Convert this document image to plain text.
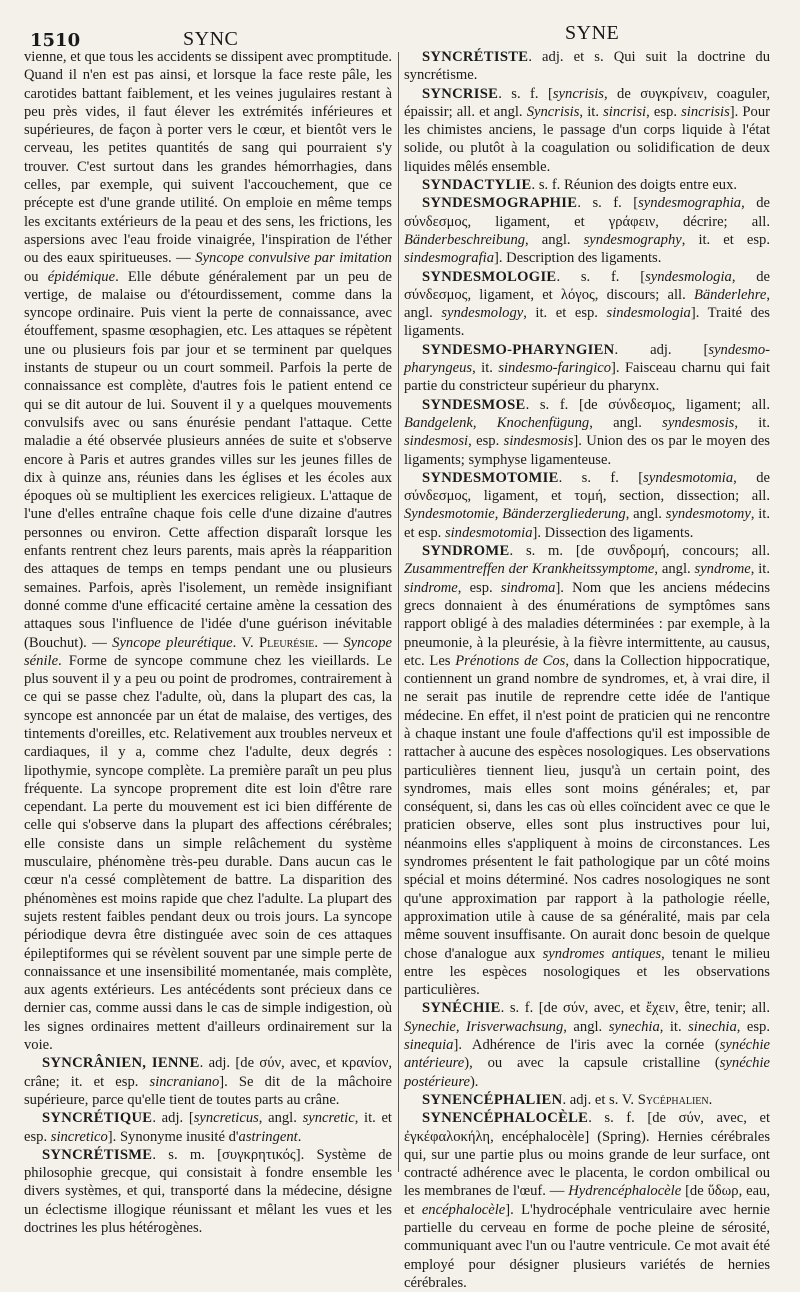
1510	SYNC	SYNE

vienne, et que tous les accidents se dissipent avec promptitude. Quand il n'en est pas ainsi, et lorsque la face reste pâle, les carotides battant faiblement, et les veines jugulaires restant à peu près vides, il faut élever les extrémités inférieures et supérieures, de façon à porter vers le cœur, et bientôt vers le cerveau, les petites quantités de sang qui pourraient s'y trouver. C'est surtout dans les grandes hémorrhagies, dans celles, par exemple, qui suivent l'accouchement, que ce précepte est d'une grande utilité. On emploie en même temps les excitants extérieurs de la peau et des sens, les frictions, les aspersions avec l'eau froide vinaigrée, l'inspiration de l'éther ou des eaux spiritueuses. — Syncope convulsive par imitation ou épidémique. Elle débute généralement par un peu de vertige, de malaise ou d'étourdissement, comme dans la syncope ordinaire. Puis vient la perte de connaissance, avec étouffement, spasme œsophagien, etc. Les attaques se répètent une ou plusieurs fois par jour et se terminent par quelques instants de stupeur ou un court sommeil. Parfois la perte de connaissance est complète, d'autres fois le patient entend ce qui se dit autour de lui. Souvent il y a quelques mouvements convulsifs avec ou sans énurésie pendant l'attaque. Cette maladie a été observée plusieurs années de suite et s'observe encore à Paris et autres grandes villes sur les jeunes filles de dix à quinze ans, réunies dans les églises et les écoles aux époques où se multiplient les exercices religieux. L'attaque de l'une d'elles entraîne chaque fois celle d'une dizaine d'autres personnes ou environ. Cette affection disparaît lorsque les enfants rentrent chez leurs parents, mais après la réapparition des attaques de temps en temps pendant une ou plusieurs semaines. Parfois, après l'isolement, un remède insignifiant donné comme d'une efficacité certaine amène la cessation des attaques sous l'influence de l'idée d'une guérison inévitable (Bouchut). — Syncope pleurétique. V. Pleurésie. — Syncope sénile. Forme de syncope commune chez les vieillards. Le plus souvent il y a peu ou point de prodromes, contrairement à ce qui se passe chez l'adulte, où, dans la plupart des cas, la syncope est annoncée par un état de malaise, des vertiges, des tintements d'oreilles, etc. Relativement aux troubles nerveux et cardiaques, il y a, comme chez l'adulte, deux degrés : lipothymie, syncope complète. La première paraît un peu plus fréquente. La syncope proprement dite est loin d'être rare cependant. La perte du mouvement est ici bien différente de celle qui s'observe dans la plupart des affections cérébrales; elle consiste dans un simple relâchement du système musculaire, phénomène très-peu durable. Dans aucun cas le cœur n'a cessé complètement de battre. La disparition des phénomènes est moins rapide que chez l'adulte. La plupart des sujets restent faibles pendant deux ou trois jours. La syncope périodique devra être distinguée avec soin de ces attaques épileptiformes qui se révèlent souvent par une simple perte de connaissance et une insensibilité momentanée, mais complète, aux agents extérieurs. Les antécédents sont précieux dans ce dernier cas, comme aussi dans le cas de simple indigestion, où les signes ordinaires mettent d'ailleurs ordinairement sur la voie.

SYNCRÂNIEN, IENNE. adj. [de σύν, avec, et κρανίον, crâne; it. et esp. sincraniano]. Se dit de la mâchoire supérieure, parce qu'elle tient de toutes parts au crâne.

SYNCRÉTIQUE. adj. [syncreticus, angl. syncretic, it. et esp. sincretico]. Synonyme inusité d'astringent.

SYNCRÉTISME. s. m. [συγκρητικός]. Système de philosophie grecque, qui consistait à fondre ensemble les divers systèmes, et qui, transporté dans la médecine, désigne un éclectisme illogique réunissant et mêlant les vues et les doctrines les plus hétérogènes.

SYNCRÉTISTE. adj. et s. Qui suit la doctrine du syncrétisme.

SYNCRISE. s. f. [syncrisis, de συγκρίνειν, coaguler, épaissir; all. et angl. Syncrisis, it. sincrisi, esp. sincrisis]. Pour les chimistes anciens, le passage d'un corps liquide à l'état solide, ou plutôt à la coagulation ou solidification de deux liquides mêlés ensemble.

SYNDACTYLIE. s. f. Réunion des doigts entre eux.

SYNDESMOGRAPHIE. s. f. [syndesmographia, de σύνδεσμος, ligament, et γράφειν, décrire; all. Bänderbeschreibung, angl. syndesmography, it. et esp. sindesmografia]. Description des ligaments.

SYNDESMOLOGIE. s. f. [syndesmologia, de σύνδεσμος, ligament, et λόγος, discours; all. Bänderlehre, angl. syndesmology, it. et esp. sindesmologia]. Traité des ligaments.

SYNDESMO-PHARYNGIEN. adj. [syndesmo-pharyngeus, it. sindesmo-faringico]. Faisceau charnu qui fait partie du constricteur supérieur du pharynx.

SYNDESMOSE. s. f. [de σύνδεσμος, ligament; all. Bandgelenk, Knochenfügung, angl. syndesmosis, it. sindesmosi, esp. sindesmosis]. Union des os par le moyen des ligaments; symphyse ligamenteuse.

SYNDESMOTOMIE. s. f. [syndesmotomia, de σύνδεσμος, ligament, et τομή, section, dissection; all. Syndesmotomie, Bänderzergliederung, angl. syndesmotomy, it. et esp. sindesmotomia]. Dissection des ligaments.

SYNDROME. s. m. [de συνδρομή, concours; all. Zusammentreffen der Krankheitssymptome, angl. syndrome, it. sindrome, esp. sindroma]. Nom que les anciens médecins grecs donnaient à des énumérations de symptômes sans rapport obligé à des maladies déterminées : par exemple, à la pneumonie, à la pleurésie, à la fièvre intermittente, au causus, etc. Les Prénotions de Cos, dans la Collection hippocratique, contiennent un grand nombre de syndromes, et, à vrai dire, il ne serait pas inutile de reprendre cette idée de l'antique médecine. En effet, il n'est point de praticien qui ne rencontre à chaque instant une foule d'affections qu'il est impossible de rattacher à aucune des espèces nosologiques. Les observations particulières tiennent lieu, jusqu'à un certain point, des syndromes, mais elles sont moins générales; et, par conséquent, si, dans les cas où elles coïncident avec ce que le praticien observe, elles sont plus instructives pour lui, néanmoins elles s'appliquent à moins de circonstances. Les syndromes présentent le fait pathologique par un côté moins spécial et moins déterminé. Nos cadres nosologiques ne sont qu'une approximation par rapport à la pathologie réelle, approximation utile à cause de sa généralité, mais par cela même souvent insuffisante. On aurait donc besoin de quelque chose d'analogue aux syndromes antiques, tenant le milieu entre les espèces nosologiques et les observations particulières.

SYNÉCHIE. s. f. [de σύν, avec, et ἔχειν, être, tenir; all. Synechie, Irisverwachsung, angl. synechia, it. sinechia, esp. sinequia]. Adhérence de l'iris avec la cornée (synéchie antérieure), ou avec la capsule cristalline (synéchie postérieure).

SYNENCÉPHALIEN. adj. et s. V. Sycéphalien.

SYNENCÉPHALOCÈLE. s. f. [de σύν, avec, et ἐγκέφαλοκήλη, encéphalocèle] (Spring). Hernies cérébrales qui, sur une partie plus ou moins grande de leur surface, ont contracté adhérence avec le placenta, le cordon ombilical ou les membranes de l'œuf. — Hydrencéphalocèle [de ὕδωρ, eau, et encéphalocèle]. L'hydrocéphale ventriculaire avec hernie partielle du cerveau en forme de poche pleine de sérosité, communiquant avec l'un ou l'autre ventricule. Ce mot avait été employé pour désigner plusieurs variétés de hernies cérébrales.
